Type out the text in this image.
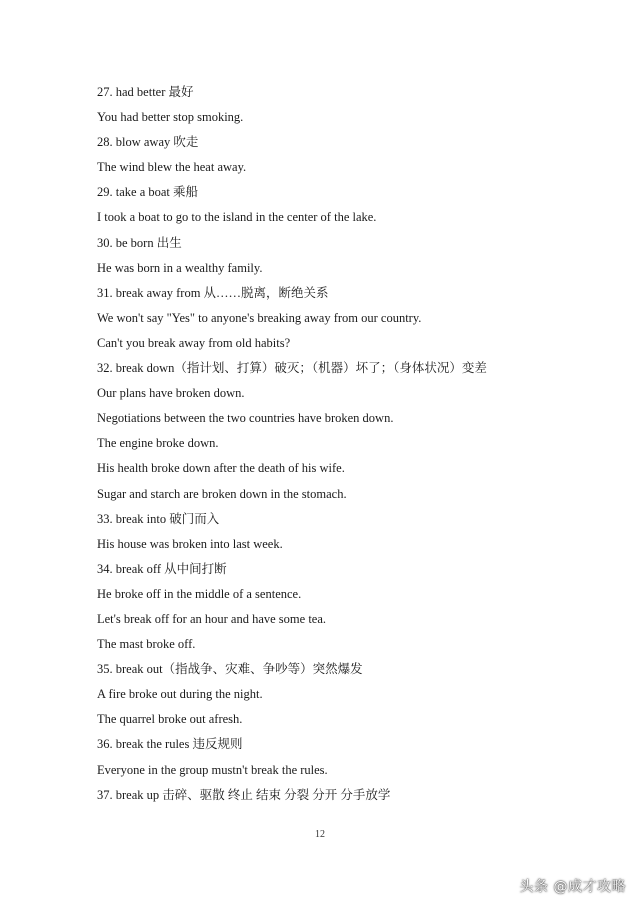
27. had better 最好
You had better stop smoking.
28. blow away 吹走
The wind blew the heat away.
29. take a boat 乘船
I took a boat to go to the island in the center of the lake.
30. be born 出生
He was born in a wealthy family.
31. break away from 从……脱离，断绝关系
We won't say "Yes" to anyone's breaking away from our country.
Can't you break away from old habits?
32. break down（指计划、打算）破灭；（机器）坏了；（身体状况）变差
Our plans have broken down.
Negotiations between the two countries have broken down.
The engine broke down.
His health broke down after the death of his wife.
Sugar and starch are broken down in the stomach.
33. break into 破门而入
His house was broken into last week.
34. break off 从中间打断
He broke off in the middle of a sentence.
Let's break off for an hour and have some tea.
The mast broke off.
35. break out（指战争、灾难、争吵等）突然爆发
A fire broke out during the night.
The quarrel broke out afresh.
36. break the rules 违反规则
Everyone in the group mustn't break the rules.
37. break up 击碎、驱散 终止 结束 分裂 分开 分手放学
12
头条 @成才攻略
